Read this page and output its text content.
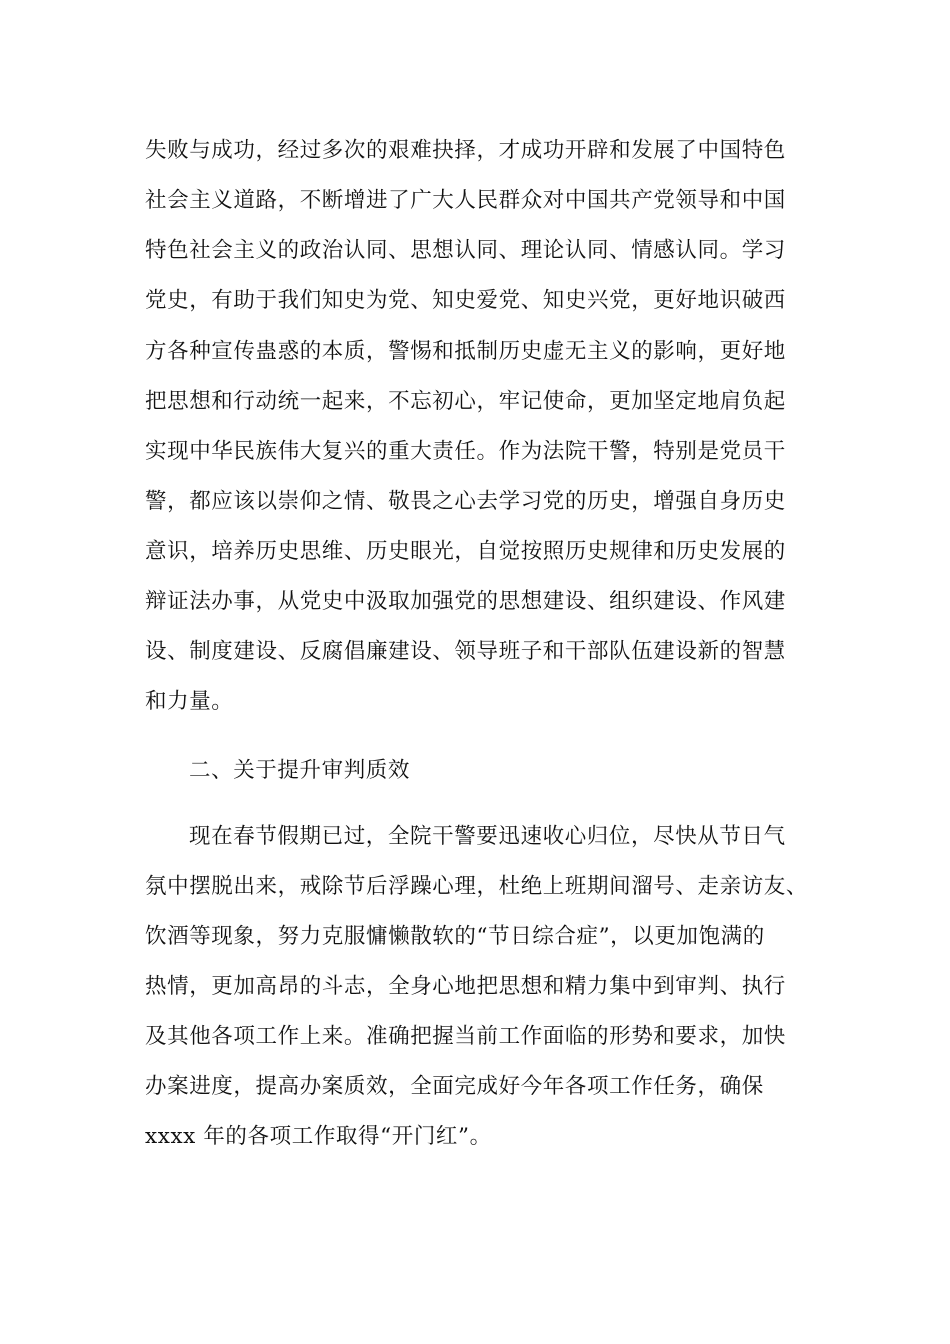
失败与成功，经过多次的艰难抉择，才成功开辟和发展了中国特色
社会主义道路，不断增进了广大人民群众对中国共产党领导和中国
特色社会主义的政治认同、思想认同、理论认同、情感认同。学习
党史，有助于我们知史为党、知史爱党、知史兴党，更好地识破西
方各种宣传蛊惑的本质，警惕和抵制历史虚无主义的影响，更好地
把思想和行动统一起来，不忘初心，牢记使命，更加坚定地肩负起
实现中华民族伟大复兴的重大责任。作为法院干警，特别是党员干
警，都应该以崇仰之情、敬畏之心去学习党的历史，增强自身历史
意识，培养历史思维、历史眼光，自觉按照历史规律和历史发展的
辩证法办事，从党史中汲取加强党的思想建设、组织建设、作风建
设、制度建设、反腐倡廉建设、领导班子和干部队伍建设新的智慧
和力量。
二、关于提升审判质效
现在春节假期已过，全院干警要迅速收心归位，尽快从节日气
氛中摆脱出来，戒除节后浮躁心理，杜绝上班期间溜号、走亲访友、
饮酒等现象，努力克服慵懒散软的“节日综合症”，以更加饱满的
热情，更加高昂的斗志，全身心地把思想和精力集中到审判、执行
及其他各项工作上来。准确把握当前工作面临的形势和要求，加快
办案进度，提高办案质效，全面完成好今年各项工作任务，确保
xxxx 年的各项工作取得“开门红”。
